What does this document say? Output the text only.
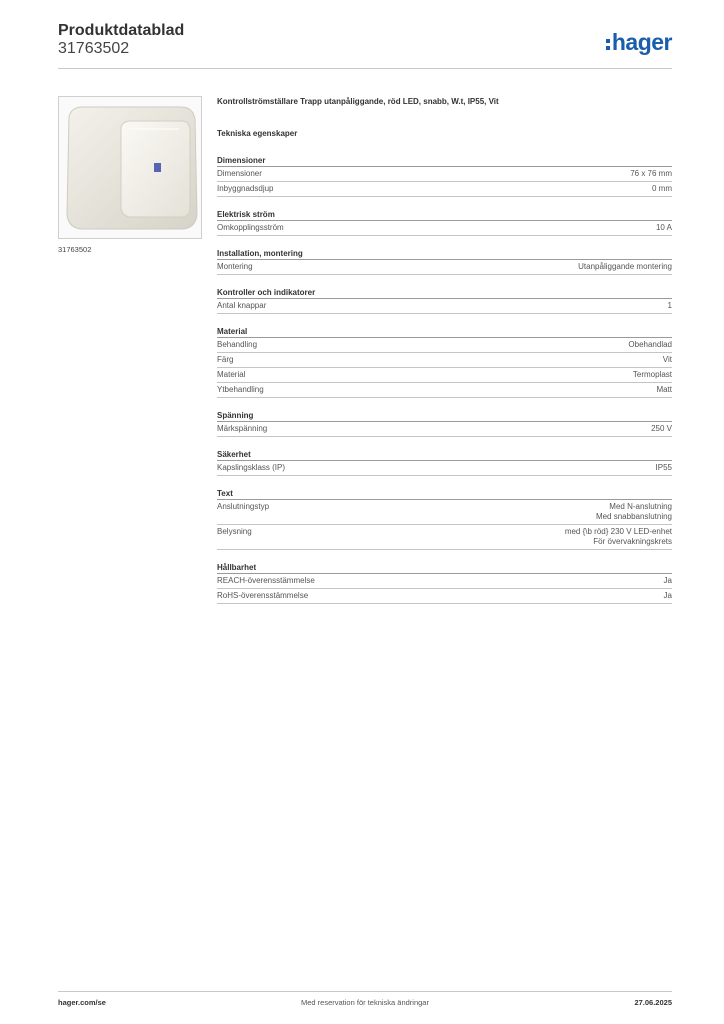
Produktdatablad
31763502	hager
31763502
Kontrollströmställare Trapp utanpåliggande, röd LED, snabb, W.t, IP55, Vit
Tekniska egenskaper
Dimensioner
Dimensioner	76 x 76 mm
Inbyggnadsdjup	0 mm
Elektrisk ström
Omkopplingsström	10 A
Installation, montering
Montering	Utanpåliggande montering
Kontroller och indikatorer
Antal knappar	1
Material
Behandling	Obehandlad
Färg	Vit
Material	Termoplast
Ytbehandling	Matt
Spänning
Märkspänning	250 V
Säkerhet
Kapslingsklass (IP)	IP55
Text
Anslutningstyp	Med N-anslutning
Med snabbanslutning
Belysning	med {\b röd} 230 V LED-enhet
För övervakningskrets
Hållbarhet
REACH-överensstämmelse	Ja
RoHS-överensstämmelse	Ja
hager.com/se	Med reservation för tekniska ändringar	27.06.2025
